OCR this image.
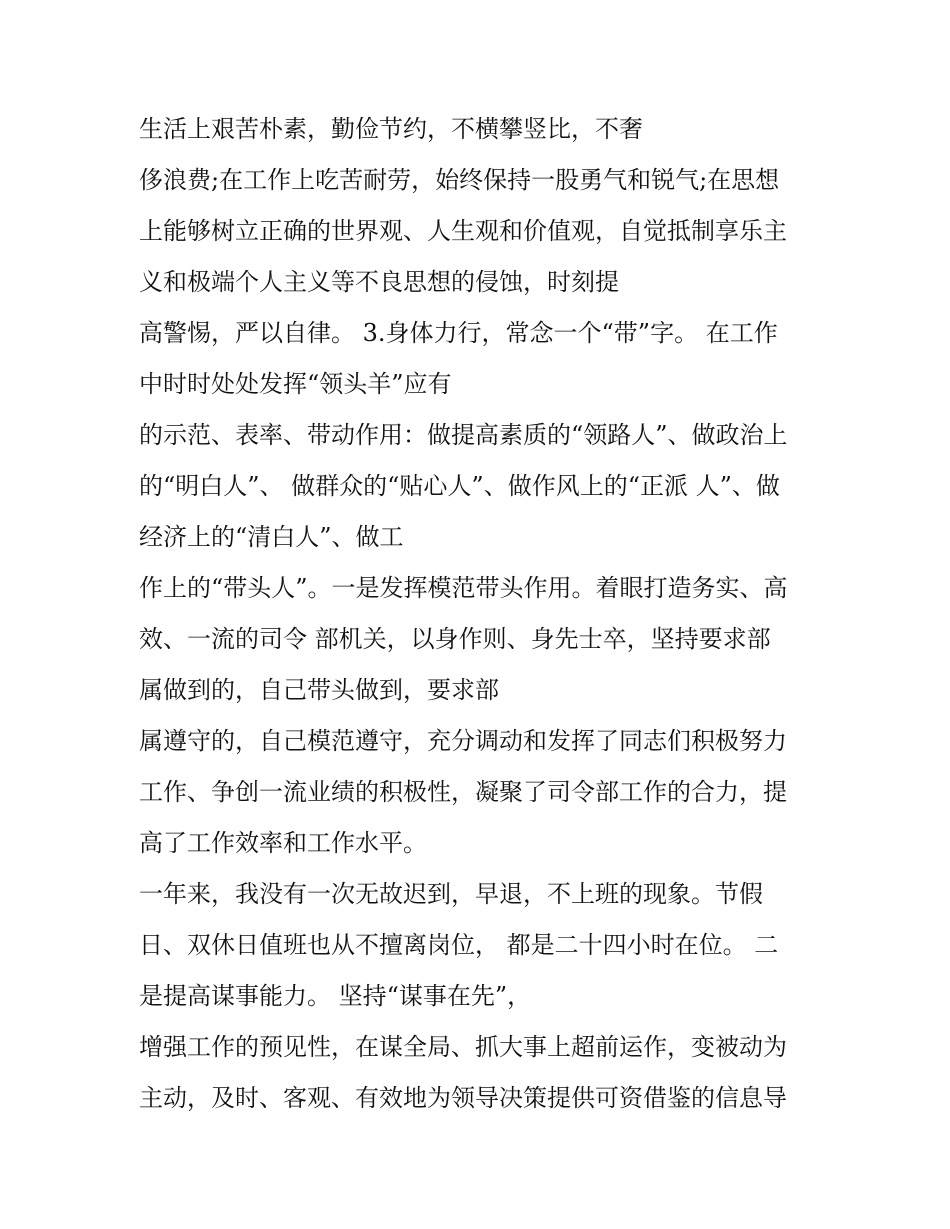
生活上艰苦朴素，勤俭节约，不横攀竖比，不奢

侈浪费;在工作上吃苦耐劳，始终保持一股勇气和锐气;在思想

上能够树立正确的世界观、人生观和价值观，自觉抵制享乐主

义和极端个人主义等不良思想的侵蚀，时刻提

高警惕，严以自律。 3.身体力行，常念一个“带”字。 在工作

中时时处处发挥“领头羊”应有

的示范、表率、带动作用：做提高素质的“领路人”、做政治上

的“明白人”、 做群众的“贴心人”、做作风上的“正派 人”、做

经济上的“清白人”、做工

作上的“带头人”。一是发挥模范带头作用。着眼打造务实、高

效、一流的司令 部机关，以身作则、身先士卒，坚持要求部

属做到的，自己带头做到，要求部

属遵守的，自己模范遵守，充分调动和发挥了同志们积极努力

工作、争创一流业绩的积极性，凝聚了司令部工作的合力，提

高了工作效率和工作水平。

一年来，我没有一次无故迟到，早退，不上班的现象。节假

日、双休日值班也从不擅离岗位， 都是二十四小时在位。 二

是提高谋事能力。 坚持“谋事在先”，

增强工作的预见性，在谋全局、抓大事上超前运作，变被动为

主动，及时、客观、有效地为领导决策提供可资借鉴的信息导
